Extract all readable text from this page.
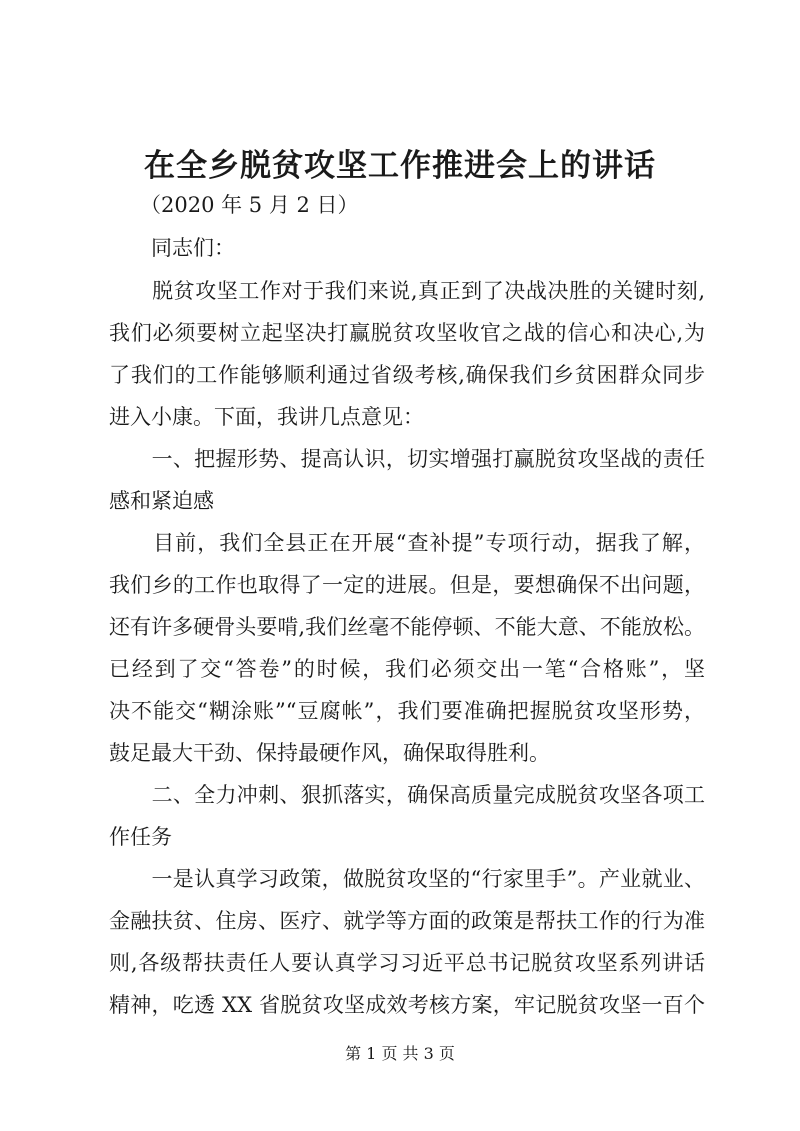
在全乡脱贫攻坚工作推进会上的讲话

（2020 年 5 月 2 日）

同志们：

　　脱贫攻坚工作对于我们来说,真正到了决战决胜的关键时刻,

我们必须要树立起坚决打赢脱贫攻坚收官之战的信心和决心,为

了我们的工作能够顺利通过省级考核,确保我们乡贫困群众同步

进入小康。下面，我讲几点意见：

　　一、把握形势、提高认识，切实增强打赢脱贫攻坚战的责任

感和紧迫感

　　目前，我们全县正在开展“查补提”专项行动，据我了解，

我们乡的工作也取得了一定的进展。但是，要想确保不出问题，

还有许多硬骨头要啃,我们丝毫不能停顿、不能大意、不能放松。

已经到了交“答卷”的时候，我们必须交出一笔“合格账”，坚

决不能交“糊涂账”“豆腐帐”，我们要准确把握脱贫攻坚形势，

鼓足最大干劲、保持最硬作风，确保取得胜利。

　　二、全力冲刺、狠抓落实，确保高质量完成脱贫攻坚各项工

作任务

　　一是认真学习政策，做脱贫攻坚的“行家里手”。产业就业、

金融扶贫、住房、医疗、就学等方面的政策是帮扶工作的行为准

则,各级帮扶责任人要认真学习习近平总书记脱贫攻坚系列讲话

精神，吃透 XX 省脱贫攻坚成效考核方案，牢记脱贫攻坚一百个

第 1 页 共 3 页
